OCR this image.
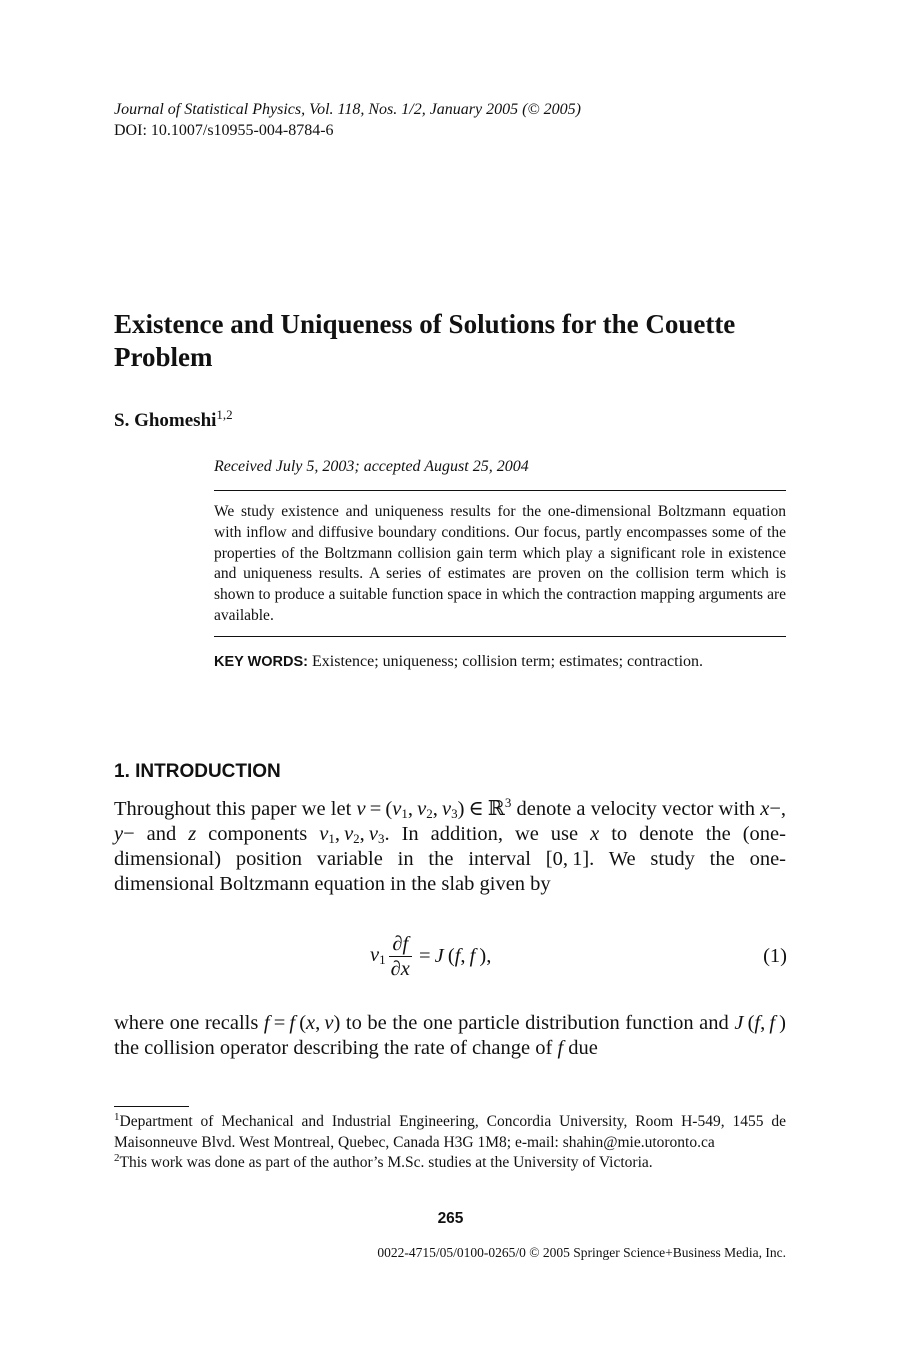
Journal of Statistical Physics, Vol. 118, Nos. 1/2, January 2005 (© 2005)
DOI: 10.1007/s10955-004-8784-6
Existence and Uniqueness of Solutions for the Couette Problem
S. Ghomeshi$^{1,2}$
Received July 5, 2003; accepted August 25, 2004
We study existence and uniqueness results for the one-dimensional Boltzmann equation with inflow and diffusive boundary conditions. Our focus, partly encompasses some of the properties of the Boltzmann collision gain term which play a significant role in existence and uniqueness results. A series of estimates are proven on the collision term which is shown to produce a suitable function space in which the contraction mapping arguments are available.
KEY WORDS: Existence; uniqueness; collision term; estimates; contraction.
1. INTRODUCTION
Throughout this paper we let $v = (v_1$, $v_2$, $v_3$) ∈ ℝ$^3$ denote a velocity vector with x−, y− and z components $v_1$, $v_2$, $v_3$. In addition, we use x to denote the (one-dimensional) position variable in the interval [0, 1]. We study the one-dimensional Boltzmann equation in the slab given by
$v_1 \frac{\partial f}{\partial x} = J$ (f, f ),	(1)
where one recalls f = f (x, v) to be the one particle distribution function and J (f, f ) the collision operator describing the rate of change of f due

$^1$Department of Mechanical and Industrial Engineering, Concordia University, Room H-549, 1455 de Maisonneuve Blvd. West Montreal, Quebec, Canada H3G 1M8; e-mail: shahin@mie.utoronto.ca

$^2$This work was done as part of the author’s M.Sc. studies at the University of Victoria.

265
0022-4715/05/0100-0265/0 © 2005 Springer Science+Business Media, Inc.
